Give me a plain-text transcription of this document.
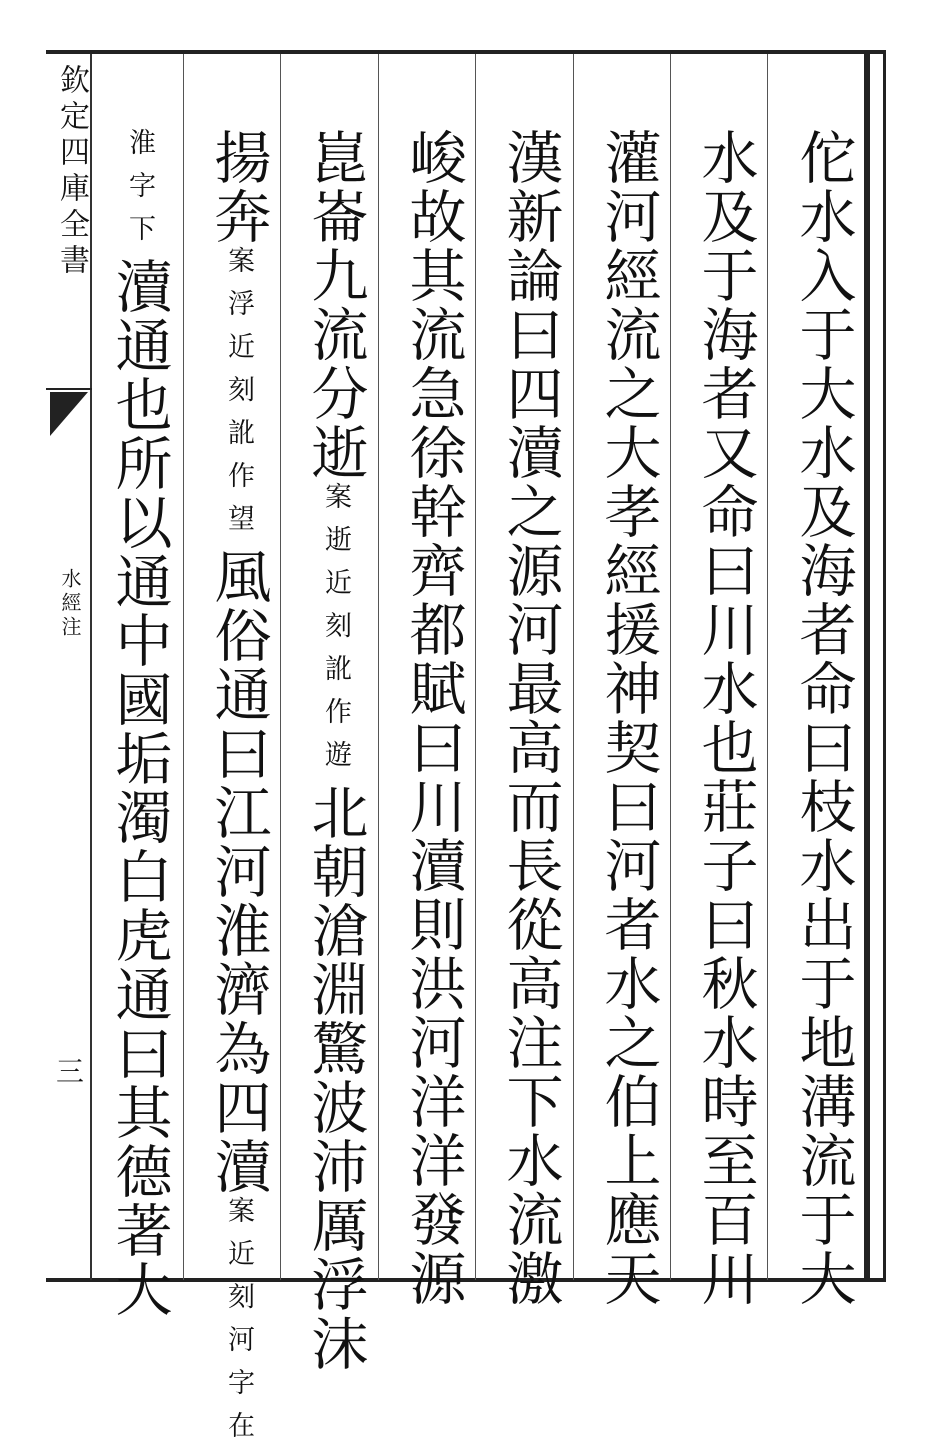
欽定四庫全書
水經注
三	佗水入于大水及海者命曰枝水出于地溝流于大
水及于海者又命曰川水也莊子曰秋水時至百川
灌河經流之大孝經援神契曰河者水之伯上應天
漢新論曰四瀆之源河最高而長從高注下水流激
峻故其流急徐幹齊都賦曰川瀆則洪河洋洋發源
崑崙九流分逝案逝近刻訛作遊北朝滄淵驚波沛厲浮沫
揚奔案浮近刻訛作望風俗通曰江河淮濟為四瀆案近刻河字在
淮字下瀆通也所以通中國垢濁白虎通曰其德著大
